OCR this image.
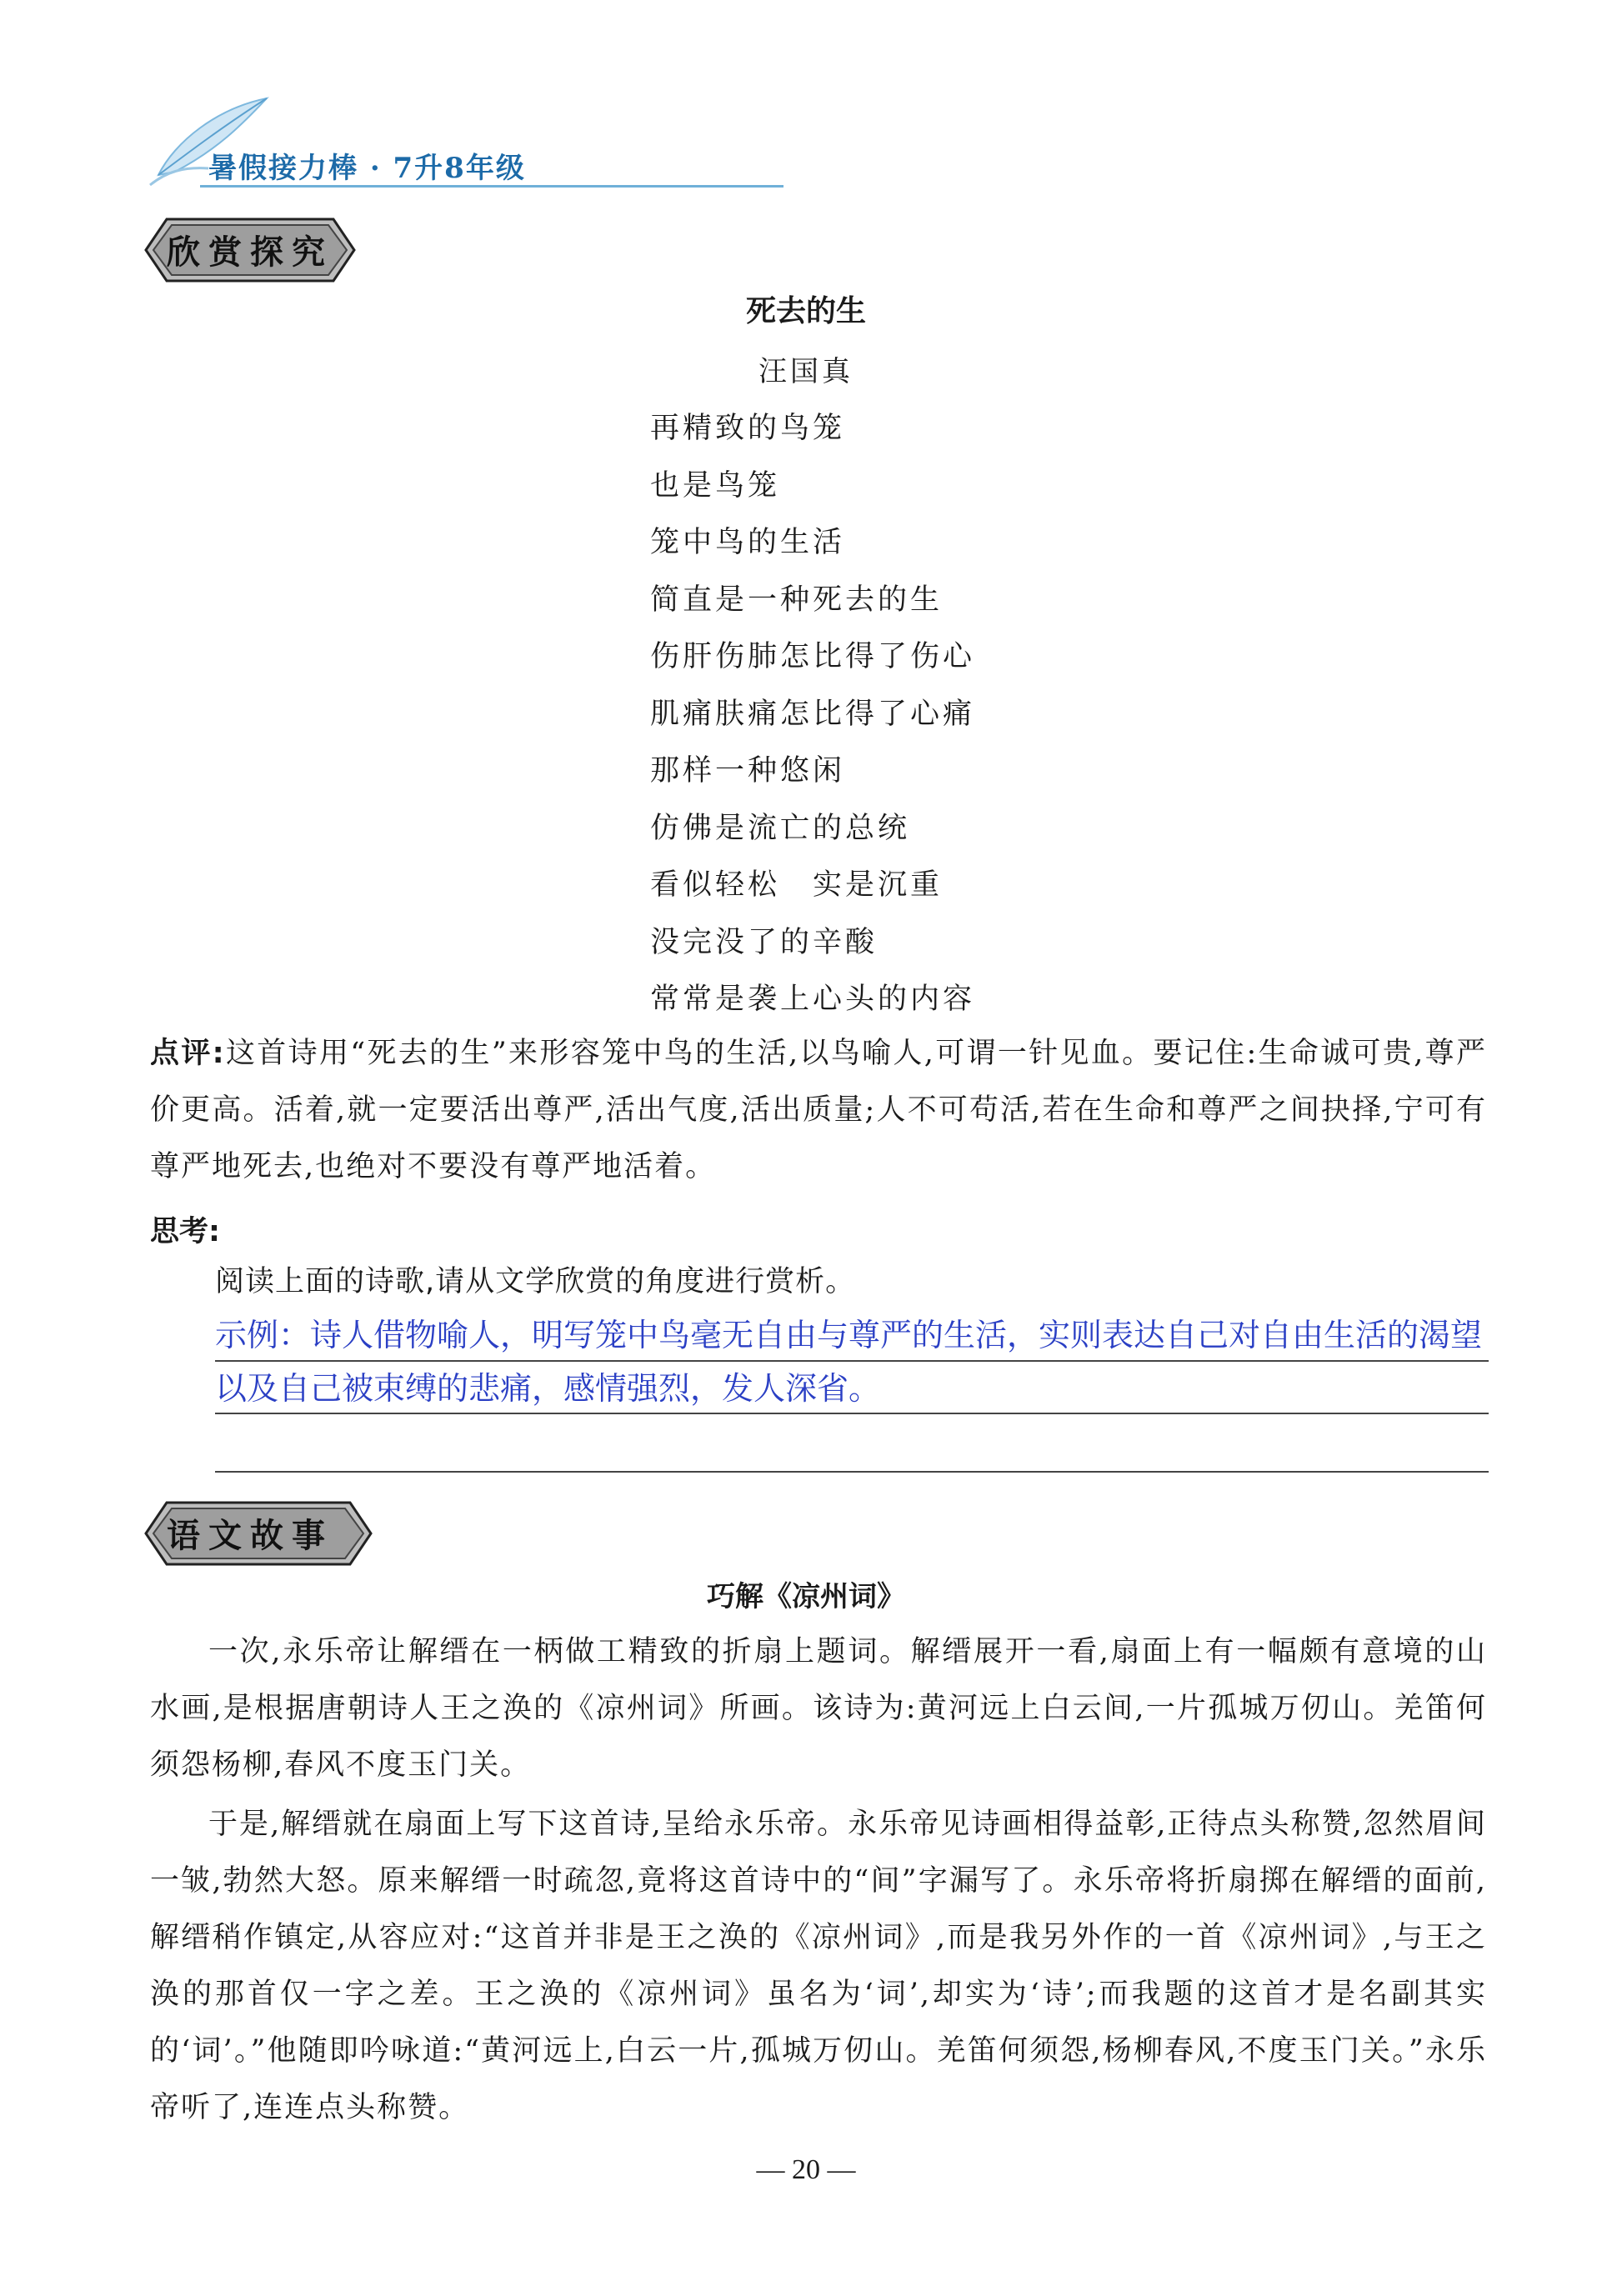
暑假接力棒 · 7升8年级
欣赏探究
死去的生
汪国真
再精致的鸟笼
也是鸟笼
笼中鸟的生活
简直是一种死去的生
伤肝伤肺怎比得了伤心
肌痛肤痛怎比得了心痛
那样一种悠闲
仿佛是流亡的总统
看似轻松　实是沉重
没完没了的辛酸
常常是袭上心头的内容
点评:这首诗用“死去的生”来形容笼中鸟的生活,以鸟喻人,可谓一针见血。要记住:生命诚可贵,尊严价更高。活着,就一定要活出尊严,活出气度,活出质量;人不可苟活,若在生命和尊严之间抉择,宁可有尊严地死去,也绝对不要没有尊严地活着。
思考:
阅读上面的诗歌,请从文学欣赏的角度进行赏析。
示例：诗人借物喻人，明写笼中鸟毫无自由与尊严的生活，实则表达自己对自由生活的渴望以及自己被束缚的悲痛，感情强烈，发人深省。
语文故事
巧解《凉州词》
一次,永乐帝让解缙在一柄做工精致的折扇上题词。解缙展开一看,扇面上有一幅颇有意境的山水画,是根据唐朝诗人王之涣的《凉州词》所画。该诗为:黄河远上白云间,一片孤城万仞山。羌笛何须怨杨柳,春风不度玉门关。
于是,解缙就在扇面上写下这首诗,呈给永乐帝。永乐帝见诗画相得益彰,正待点头称赞,忽然眉间一皱,勃然大怒。原来解缙一时疏忽,竟将这首诗中的“间”字漏写了。永乐帝将折扇掷在解缙的面前,解缙稍作镇定,从容应对:“这首并非是王之涣的《凉州词》,而是我另外作的一首《凉州词》,与王之涣的那首仅一字之差。王之涣的《凉州词》虽名为‘词’,却实为‘诗’;而我题的这首才是名副其实的‘词’。”他随即吟咏道:“黄河远上,白云一片,孤城万仞山。羌笛何须怨,杨柳春风,不度玉门关。”永乐帝听了,连连点头称赞。
— 20 —
